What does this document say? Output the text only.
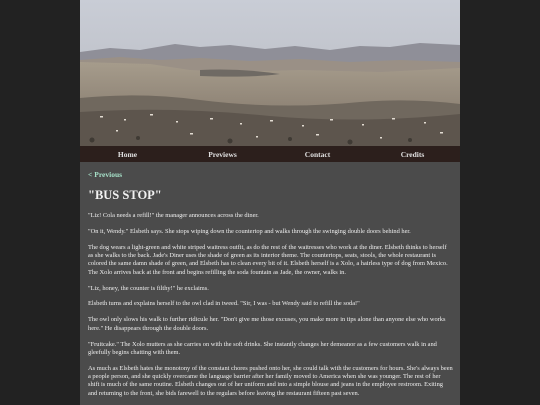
Home	Previews	Contact	Credits
< Previous
"BUS STOP"

"Liz! Cola needs a refill!" the manager announces across the diner.

"On it, Wendy." Elsbeth says. She stops wiping down the countertop and walks through the swinging double doors behind her.

The dog wears a light-green and white striped waitress outfit, as do the rest of the waitresses who work at the diner. Elsbeth thinks to herself as she walks to the back. Jade's Diner uses the shade of green as its interior theme. The countertops, seats, stools, the whole restaurant is colored the same damn shade of green, and Elsbeth has to clean every bit of it. Elsbeth herself is a Xolo, a hairless type of dog from Mexico. The Xolo arrives back at the front and begins refilling the soda fountain as Jade, the owner, walks in.

"Liz, honey, the counter is filthy!" he exclaims.

Elsbeth turns and explains herself to the owl clad in tweed. "Sir, I was - but Wendy said to refill the soda!"

The owl only slows his walk to further ridicule her. "Don't give me those excuses, you make more in tips alone than anyone else who works here." He disappears through the double doors.

"Fruitcake." The Xolo mutters as she carries on with the soft drinks. She instantly changes her demeanor as a few customers walk in and gleefully begins chatting with them.

As much as Elsbeth hates the monotony of the constant chores pushed onto her, she could talk with the customers for hours. She's always been a people person, and she quickly overcame the language barrier after her family moved to America when she was younger. The rest of her shift is much of the same routine. Elsbeth changes out of her uniform and into a simple blouse and jeans in the employee restroom. Exiting and returning to the front, she bids farewell to the regulars before leaving the restaurant fifteen past seven.
